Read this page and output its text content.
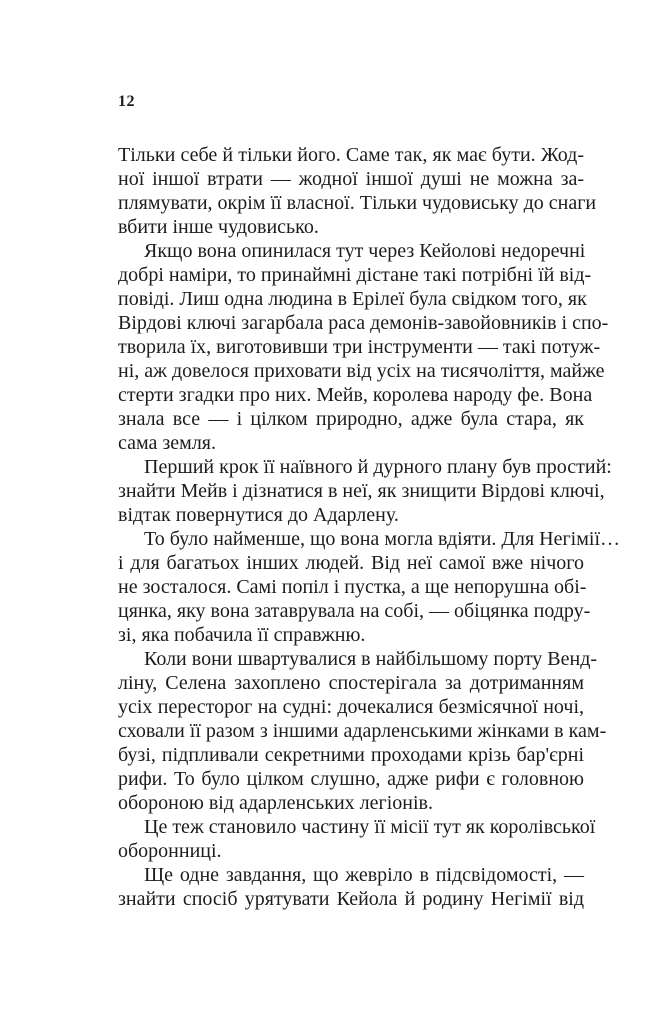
12
Тільки себе й тільки його. Саме так, як має бути. Жод-
ної іншої втрати — жодної іншої душі не можна за-
плямувати, окрім її власної. Тільки чудовиську до снаги
вбити інше чудовисько.
Якщо вона опинилася тут через Кейолові недоречні
добрі наміри, то принаймні дістане такі потрібні їй від-
повіді. Лиш одна людина в Ерілеї була свідком того, як
Вірдові ключі загарбала раса демонів-завойовників і спо-
творила їх, виготовивши три інструменти — такі потуж-
ні, аж довелося приховати від усіх на тисячоліття, майже
стерти згадки про них. Мейв, королева народу фе. Вона
знала все — і цілком природно, адже була стара, як
сама земля.
Перший крок її наївного й дурного плану був простий:
знайти Мейв і дізнатися в неї, як знищити Вірдові ключі,
відтак повернутися до Адарлену.
То було найменше, що вона могла вдіяти. Для Негімії…
і для багатьох інших людей. Від неї самої вже нічого
не зосталося. Самі попіл і пустка, а ще непорушна обі-
цянка, яку вона затаврувала на собі, — обіцянка подру-
зі, яка побачила її справжню.
Коли вони швартувалися в найбільшому порту Венд-
ліну, Селена захоплено спостерігала за дотриманням
усіх пересторог на судні: дочекалися безмісячної ночі,
сховали її разом з іншими адарленськими жінками в кам-
бузі, підпливали секретними проходами крізь бар'єрні
рифи. То було цілком слушно, адже рифи є головною
обороною від адарленських легіонів.
Це теж становило частину її місії тут як королівської
оборонниці.
Ще одне завдання, що жевріло в підсвідомості, —
знайти спосіб урятувати Кейола й родину Негімії від
